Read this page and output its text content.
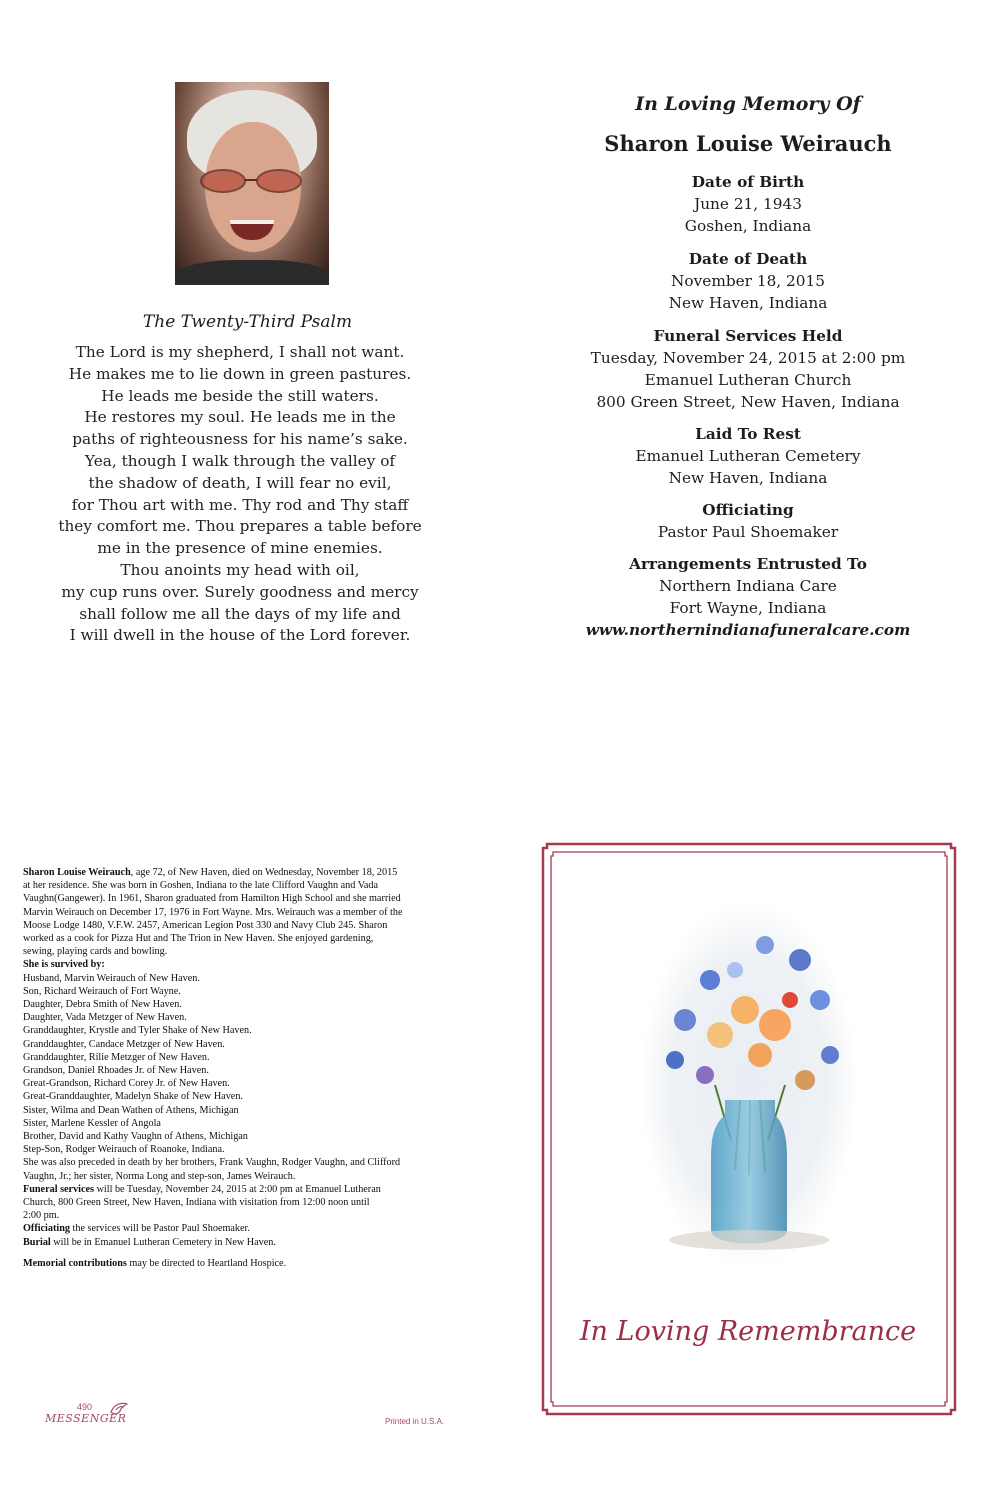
The Twenty-Third Psalm
The Lord is my shepherd, I shall not want.
He makes me to lie down in green pastures.
He leads me beside the still waters.
He restores my soul. He leads me in the
paths of righteousness for his name’s sake.
Yea, though I walk through the valley of
the shadow of death, I will fear no evil,
for Thou art with me. Thy rod and Thy staff
they comfort me. Thou prepares a table before
me in the presence of mine enemies.
Thou anoints my head with oil,
my cup runs over. Surely goodness and mercy
shall follow me all the days of my life and
I will dwell in the house of the Lord forever.
In Loving Memory Of
Sharon Louise Weirauch
Date of Birth
June 21, 1943
Goshen, Indiana
Date of Death
November 18, 2015
New Haven, Indiana
Funeral Services Held
Tuesday, November 24, 2015 at 2:00 pm
Emanuel Lutheran Church
800 Green Street, New Haven, Indiana
Laid To Rest
Emanuel Lutheran Cemetery
New Haven, Indiana
Officiating
Pastor Paul Shoemaker
Arrangements Entrusted To
Northern Indiana Care
Fort Wayne, Indiana
www.northernindianafuneralcare.com

Sharon Louise Weirauch, age 72, of New Haven, died on Wednesday, November 18, 2015

at her residence. She was born in Goshen, Indiana to the late Clifford Vaughn and Vada

Vaughn(Gangewer). In 1961, Sharon graduated from Hamilton High School and she married

Marvin Weirauch on December 17, 1976 in Fort Wayne. Mrs. Weirauch was a member of the

Moose Lodge 1480, V.F.W. 2457, American Legion Post 330 and Navy Club 245. Sharon

worked as a cook for Pizza Hut and The Trion in New Haven. She enjoyed gardening,

sewing, playing cards and bowling.

She is survived by:

Husband, Marvin Weirauch of New Haven.

Son, Richard Weirauch of Fort Wayne.

Daughter, Debra Smith of New Haven.

Daughter, Vada Metzger of New Haven.

Granddaughter, Krystle and Tyler Shake of New Haven.

Granddaughter, Candace Metzger of New Haven.

Granddaughter, Rilie Metzger of New Haven.

Grandson, Daniel Rhoades Jr. of New Haven.

Great-Grandson, Richard Corey Jr. of New Haven.

Great-Granddaughter, Madelyn Shake of New Haven.

Sister, Wilma and Dean Wathen of Athens, Michigan

Sister, Marlene Kessler of Angola

Brother, David and Kathy Vaughn of Athens, Michigan

Step-Son, Rodger Weirauch of Roanoke, Indiana.

She was also preceded in death by her brothers, Frank Vaughn, Rodger Vaughn, and Clifford

Vaughn, Jr.; her sister, Norma Long and step-son, James Weirauch.

Funeral services will be Tuesday, November 24, 2015 at 2:00 pm at Emanuel Lutheran

Church, 800 Green Street, New Haven, Indiana with visitation from 12:00 noon until

2:00 pm.

Officiating the services will be Pastor Paul Shoemaker.

Burial will be in Emanuel Lutheran Cemetery in New Haven.

Memorial contributions may be directed to Heartland Hospice.

490
MESSENGER	Printed in U.S.A.
In Loving Remembrance
